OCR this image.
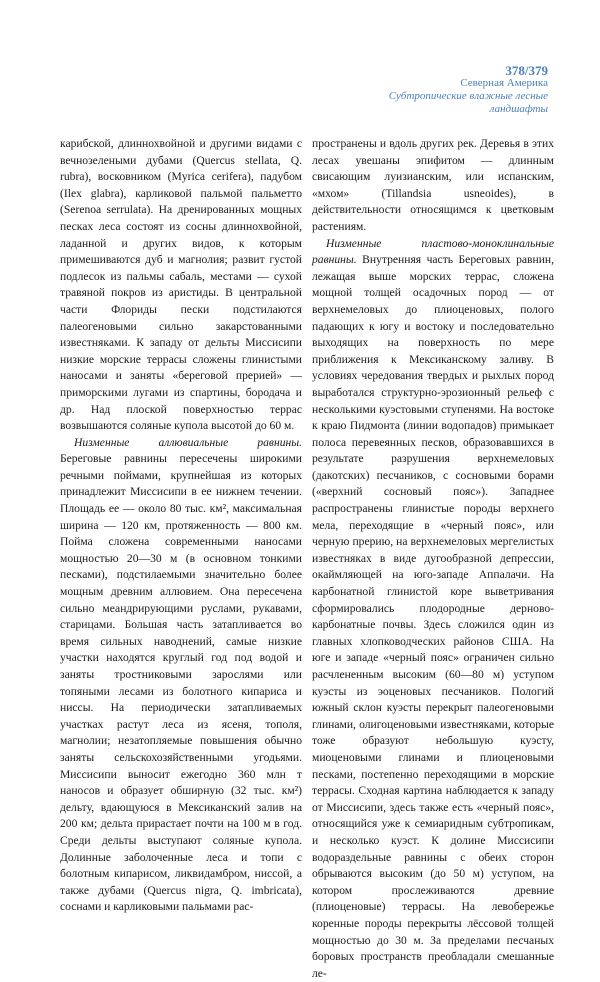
378/379
Северная Америка
Субтропические влажные лесные
ландшафты

карибской, длиннохвойной и другими видами с вечнозелеными дубами (Quercus stellata, Q. rubra), восковником (Myrica cerifera), падубом (Ilex glabra), карликовой пальмой пальметто (Serenoa serrulata). На дренированных мощных песках леса состоят из сосны длиннохвойной, ладанной и других видов, к которым примешиваются дуб и магнолия; развит густой подлесок из пальмы сабаль, местами — сухой травяной покров из аристиды. В центральной части Флориды пески подстилаются палеогеновыми сильно закарстованными известняками. К западу от дельты Миссисипи низкие морские террасы сложены глинистыми наносами и заняты «береговой прерией» — приморскими лугами из спартины, бородача и др. Над плоской поверхностью террас возвышаются соляные купола высотой до 60 м.

Низменные аллювиальные равнины. Береговые равнины пересечены широкими речными поймами, крупнейшая из которых принадлежит Миссисипи в ее нижнем течении. Площадь ее — около 80 тыс. км², максимальная ширина — 120 км, протяженность — 800 км. Пойма сложена современными наносами мощностью 20—30 м (в основном тонкими песками), подстилаемыми значительно более мощным древним аллювием. Она пересечена сильно меандрирующими руслами, рукавами, старицами. Большая часть затапливается во время сильных наводнений, самые низкие участки находятся круглый год под водой и заняты тростниковыми зарослями или топяными лесами из болотного кипариса и ниссы. На периодически затапливаемых участках растут леса из ясеня, тополя, магнолии; незатопляемые повышения обычно заняты сельскохозяйственными угодьями. Миссисипи выносит ежегодно 360 млн т наносов и образует обширную (32 тыс. км²) дельту, вдающуюся в Мексиканский залив на 200 км; дельта прирастает почти на 100 м в год. Среди дельты выступают соляные купола. Долинные заболоченные леса и топи с болотным кипарисом, ликвидамбром, ниссой, а также дубами (Quercus nigra, Q. imbricata), соснами и карликовыми пальмами рас-

пространены и вдоль других рек. Деревья в этих лесах увешаны эпифитом — длинным свисающим луизианским, или испанским, «мхом» (Tillandsia usneoides), в действительности относящимся к цветковым растениям.

Низменные пластово-моноклинальные равнины. Внутренняя часть Береговых равнин, лежащая выше морских террас, сложена мощной толщей осадочных пород — от верхнемеловых до плиоценовых, полого падающих к югу и востоку и последовательно выходящих на поверхность по мере приближения к Мексиканскому заливу. В условиях чередования твердых и рыхлых пород выработался структурно-эрозионный рельеф с несколькими куэстовыми ступенями. На востоке к краю Пидмонта (линии водопадов) примыкает полоса перевеянных песков, образовавшихся в результате разрушения верхнемеловых (дакотских) песчаников, с сосновыми борами («верхний сосновый пояс»). Западнее распространены глинистые породы верхнего мела, переходящие в «черный пояс», или черную прерию, на верхнемеловых мергелистых известняках в виде дугообразной депрессии, окаймляющей на юго-западе Аппалачи. На карбонатной глинистой коре выветривания сформировались плодородные дерново-карбонатные почвы. Здесь сложился один из главных хлопководческих районов США. На юге и западе «черный пояс» ограничен сильно расчлененным высоким (60—80 м) уступом куэсты из эоценовых песчаников. Пологий южный склон куэсты перекрыт палеогеновыми глинами, олигоценовыми известняками, которые тоже образуют небольшую куэсту, миоценовыми глинами и плиоценовыми песками, постепенно переходящими в морские террасы. Сходная картина наблюдается к западу от Миссисипи, здесь также есть «черный пояс», относящийся уже к семиаридным субтропикам, и несколько куэст. К долине Миссисипи водораздельные равнины с обеих сторон обрываются высоким (до 50 м) уступом, на котором прослеживаются древние (плиоценовые) террасы. На левобережье коренные породы перекрыты лёссовой толщей мощностью до 30 м. За пределами песчаных боровых пространств преобладали смешанные ле-
